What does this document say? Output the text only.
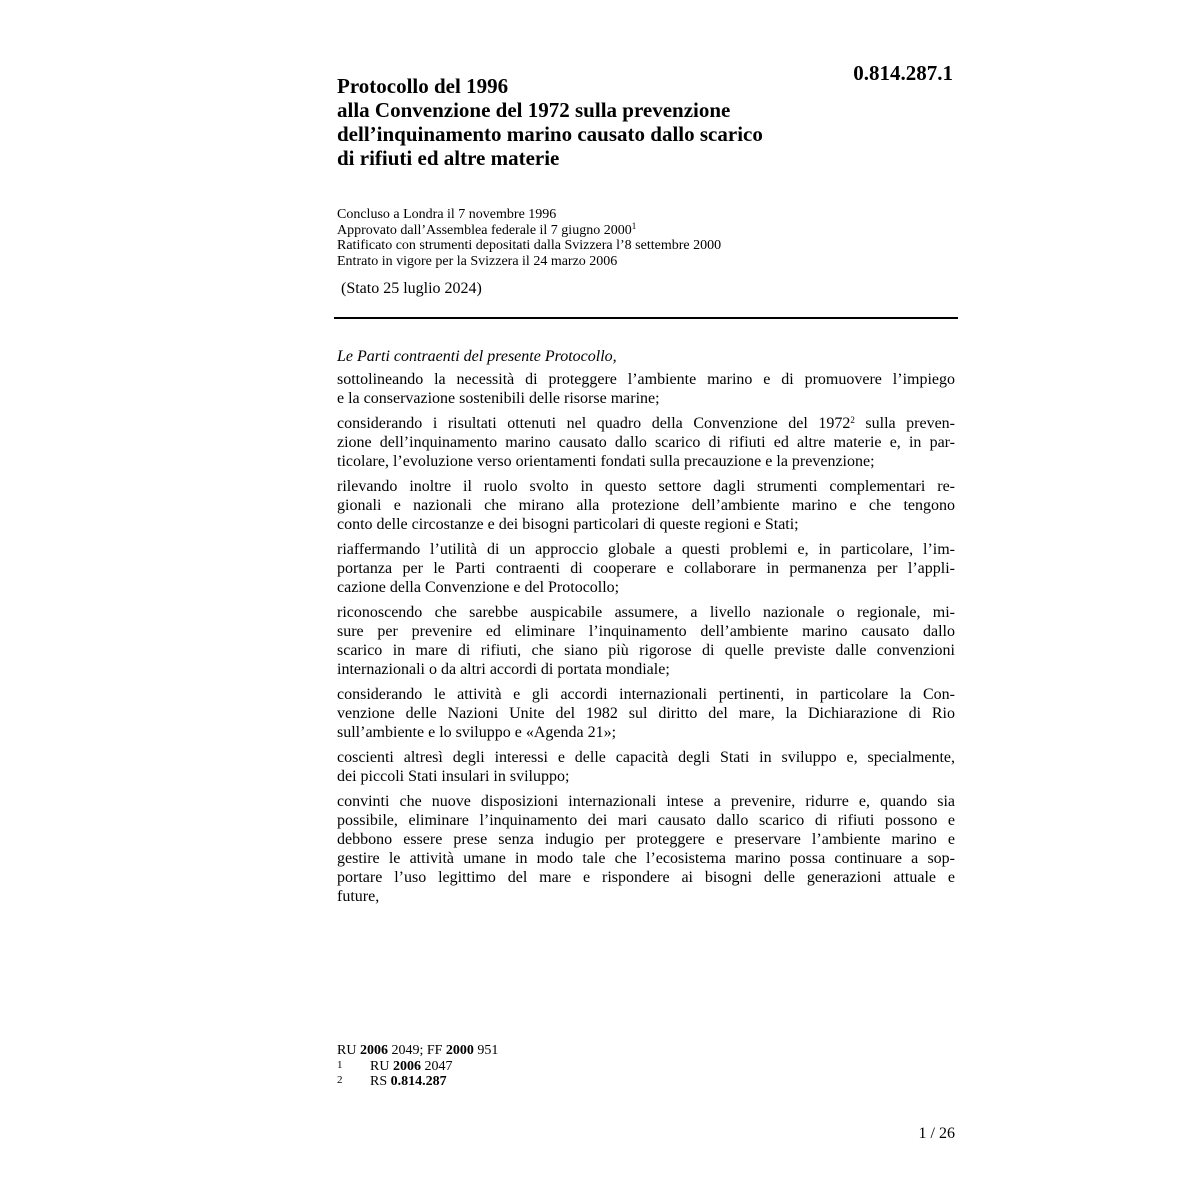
0.814.287.1
Protocollo del 1996
alla Convenzione del 1972 sulla prevenzione
dell’inquinamento marino causato dallo scarico
di rifiuti ed altre materie
Concluso a Londra il 7 novembre 1996
Approvato dall’Assemblea federale il 7 giugno 2000$^1$
Ratificato con strumenti depositati dalla Svizzera l’8 settembre 2000
Entrato in vigore per la Svizzera il 24 marzo 2006
(Stato 25 luglio 2024)
Le Parti contraenti del presente Protocollo,
sottolineando la necessità di proteggere l’ambiente marino e di promuovere l’impiego
e la conservazione sostenibili delle risorse marine;
considerando i risultati ottenuti nel quadro della Convenzione del 1972$^2$ sulla preven-
zione dell’inquinamento marino causato dallo scarico di rifiuti ed altre materie e, in par-
ticolare, l’evoluzione verso orientamenti fondati sulla precauzione e la prevenzione;
rilevando inoltre il ruolo svolto in questo settore dagli strumenti complementari re-
gionali e nazionali che mirano alla protezione dell’ambiente marino e che tengono
conto delle circostanze e dei bisogni particolari di queste regioni e Stati;
riaffermando l’utilità di un approccio globale a questi problemi e, in particolare, l’im-
portanza per le Parti contraenti di cooperare e collaborare in permanenza per l’appli-
cazione della Convenzione e del Protocollo;
riconoscendo che sarebbe auspicabile assumere, a livello nazionale o regionale, mi-
sure per prevenire ed eliminare l’inquinamento dell’ambiente marino causato dallo
scarico in mare di rifiuti, che siano più rigorose di quelle previste dalle convenzioni
internazionali o da altri accordi di portata mondiale;
considerando le attività e gli accordi internazionali pertinenti, in particolare la Con-
venzione delle Nazioni Unite del 1982 sul diritto del mare, la Dichiarazione di Rio
sull’ambiente e lo sviluppo e «Agenda 21»;
coscienti altresì degli interessi e delle capacità degli Stati in sviluppo e, specialmente,
dei piccoli Stati insulari in sviluppo;
convinti che nuove disposizioni internazionali intese a prevenire, ridurre e, quando sia
possibile, eliminare l’inquinamento dei mari causato dallo scarico di rifiuti possono e
debbono essere prese senza indugio per proteggere e preservare l’ambiente marino e
gestire le attività umane in modo tale che l’ecosistema marino possa continuare a sop-
portare l’uso legittimo del mare e rispondere ai bisogni delle generazioni attuale e
future,
RU 2006 2049; FF 2000 951
1	RU 2006 2047
2	RS 0.814.287
1 / 26
